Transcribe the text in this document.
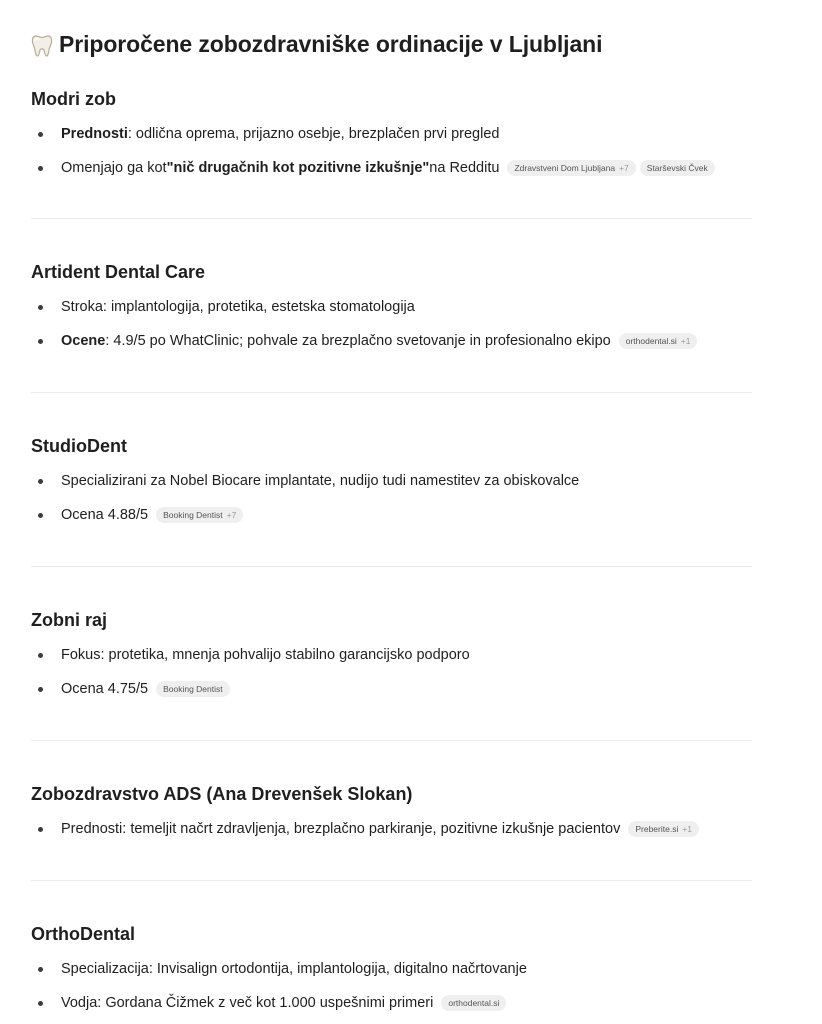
Priporočene zobozdravniške ordinacije v Ljubljani
Modri zob
Prednosti : odlična oprema, prijazno osebje, brezplačen prvi pregled
Omenjajo ga kot "nič drugačnih kot pozitivne izkušnje" na Redditu Zdravstveni Dom Ljubljana +7 Starševski Čvek
Artident Dental Care
Stroka: implantologija, protetika, estetska stomatologija
Ocene : 4.9/5 po WhatClinic; pohvale za brezplačno svetovanje in profesionalno ekipo orthodental.si +1
StudioDent
Specializirani za Nobel Biocare implantate, nudijo tudi namestitev za obiskovalce
Ocena 4.88/5 Booking Dentist +7
Zobni raj
Fokus: protetika, mnenja pohvalijo stabilno garancijsko podporo
Ocena 4.75/5 Booking Dentist
Zobozdravstvo ADS (Ana Drevenšek Slokan)
Prednosti: temeljit načrt zdravljenja, brezplačno parkiranje, pozitivne izkušnje pacientov Preberite.si +1
OrthoDental
Specializacija: Invisalign ortodontija, implantologija, digitalno načrtovanje
Vodja: Gordana Čižmek z več kot 1.000 uspešnimi primeri orthodental.si
